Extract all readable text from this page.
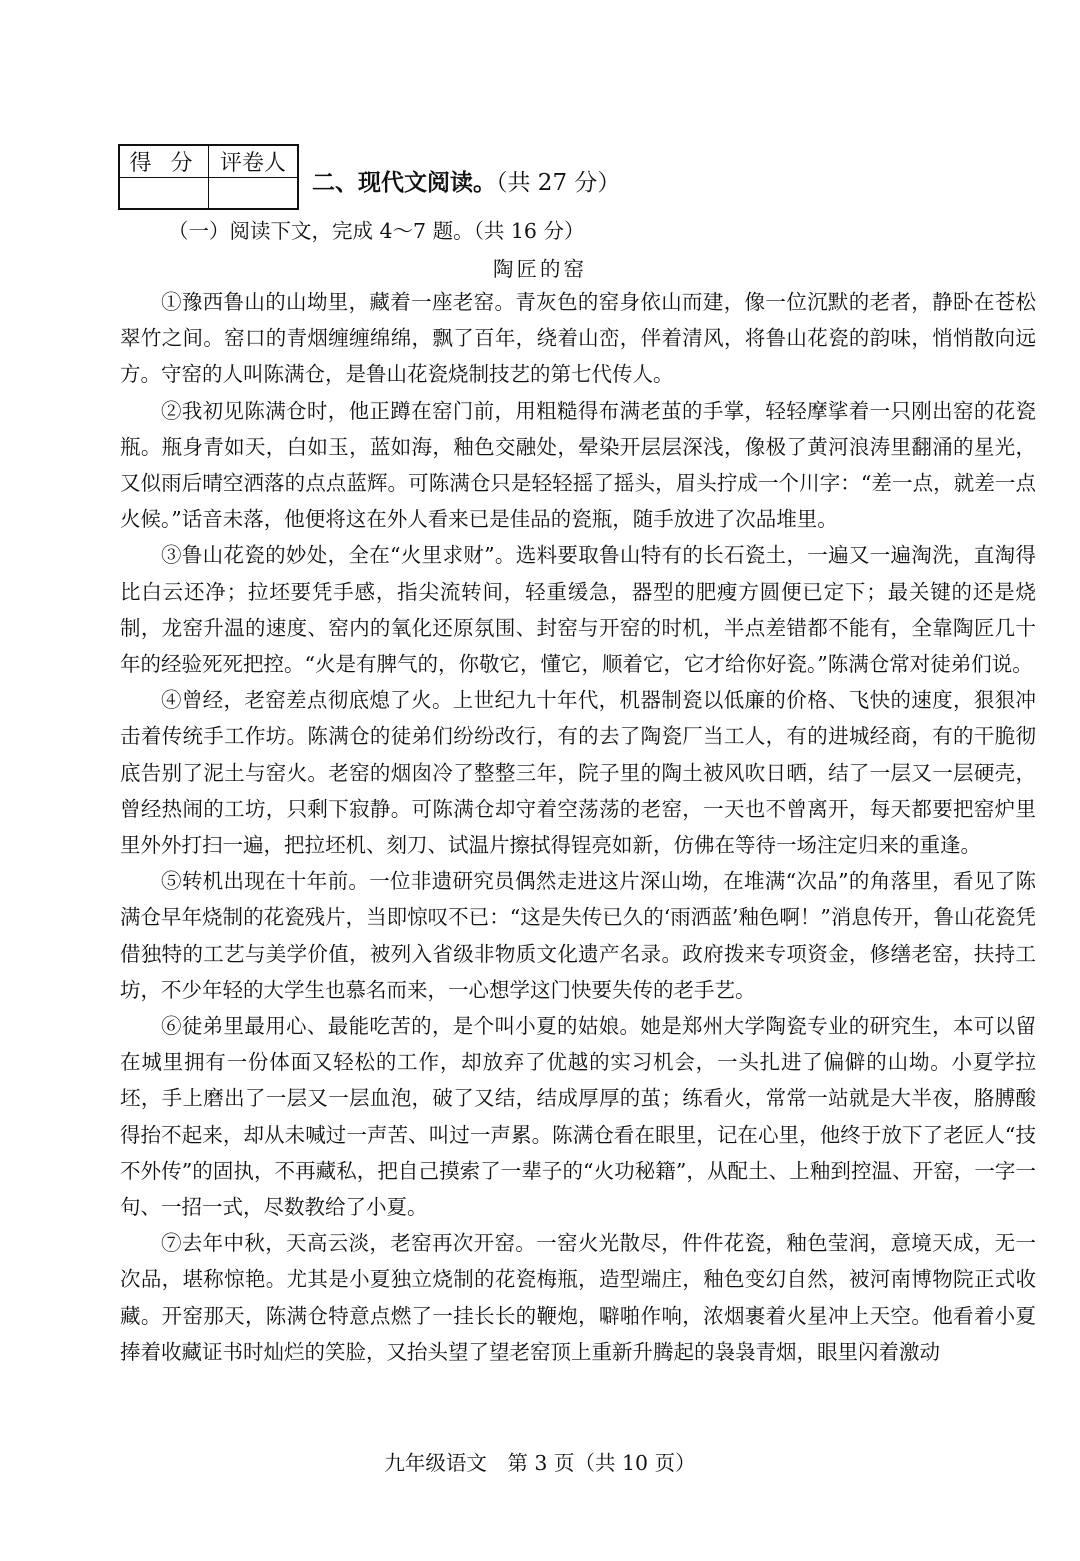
得 分	评卷人

二、现代文阅读。（共 27 分）
（一）阅读下文，完成 4～7 题。（共 16 分）
陶匠的窑

①豫西鲁山的山坳里，藏着一座老窑。青灰色的窑身依山而建，像一位沉默的老者，静卧在苍松翠竹之间。窑口的青烟缠缠绵绵，飘了百年，绕着山峦，伴着清风，将鲁山花瓷的韵味，悄悄散向远方。守窑的人叫陈满仓，是鲁山花瓷烧制技艺的第七代传人。

②我初见陈满仓时，他正蹲在窑门前，用粗糙得布满老茧的手掌，轻轻摩挲着一只刚出窑的花瓷瓶。瓶身青如天，白如玉，蓝如海，釉色交融处，晕染开层层深浅，像极了黄河浪涛里翻涌的星光，又似雨后晴空洒落的点点蓝辉。可陈满仓只是轻轻摇了摇头，眉头拧成一个川字：“差一点，就差一点火候。”话音未落，他便将这在外人看来已是佳品的瓷瓶，随手放进了次品堆里。

③鲁山花瓷的妙处，全在“火里求财”。选料要取鲁山特有的长石瓷土，一遍又一遍淘洗，直淘得比白云还净；拉坯要凭手感，指尖流转间，轻重缓急，器型的肥瘦方圆便已定下；最关键的还是烧制，龙窑升温的速度、窑内的氧化还原氛围、封窑与开窑的时机，半点差错都不能有，全靠陶匠几十年的经验死死把控。“火是有脾气的，你敬它，懂它，顺着它，它才给你好瓷。”陈满仓常对徒弟们说。

④曾经，老窑差点彻底熄了火。上世纪九十年代，机器制瓷以低廉的价格、飞快的速度，狠狠冲击着传统手工作坊。陈满仓的徒弟们纷纷改行，有的去了陶瓷厂当工人，有的进城经商，有的干脆彻底告别了泥土与窑火。老窑的烟囱冷了整整三年，院子里的陶土被风吹日晒，结了一层又一层硬壳，曾经热闹的工坊，只剩下寂静。可陈满仓却守着空荡荡的老窑，一天也不曾离开，每天都要把窑炉里里外外打扫一遍，把拉坯机、刻刀、试温片擦拭得锃亮如新，仿佛在等待一场注定归来的重逢。

⑤转机出现在十年前。一位非遗研究员偶然走进这片深山坳，在堆满“次品”的角落里，看见了陈满仓早年烧制的花瓷残片，当即惊叹不已：“这是失传已久的‘雨洒蓝’釉色啊！”消息传开，鲁山花瓷凭借独特的工艺与美学价值，被列入省级非物质文化遗产名录。政府拨来专项资金，修缮老窑，扶持工坊，不少年轻的大学生也慕名而来，一心想学这门快要失传的老手艺。

⑥徒弟里最用心、最能吃苦的，是个叫小夏的姑娘。她是郑州大学陶瓷专业的研究生，本可以留在城里拥有一份体面又轻松的工作，却放弃了优越的实习机会，一头扎进了偏僻的山坳。小夏学拉坯，手上磨出了一层又一层血泡，破了又结，结成厚厚的茧；练看火，常常一站就是大半夜，胳膊酸得抬不起来，却从未喊过一声苦、叫过一声累。陈满仓看在眼里，记在心里，他终于放下了老匠人“技不外传”的固执，不再藏私，把自己摸索了一辈子的“火功秘籍”，从配土、上釉到控温、开窑，一字一句、一招一式，尽数教给了小夏。

⑦去年中秋，天高云淡，老窑再次开窑。一窑火光散尽，件件花瓷，釉色莹润，意境天成，无一次品，堪称惊艳。尤其是小夏独立烧制的花瓷梅瓶，造型端庄，釉色变幻自然，被河南博物院正式收藏。开窑那天，陈满仓特意点燃了一挂长长的鞭炮，噼啪作响，浓烟裹着火星冲上天空。他看着小夏捧着收藏证书时灿烂的笑脸，又抬头望了望老窑顶上重新升腾起的袅袅青烟，眼里闪着激动

九年级语文　第 3 页（共 10 页）
